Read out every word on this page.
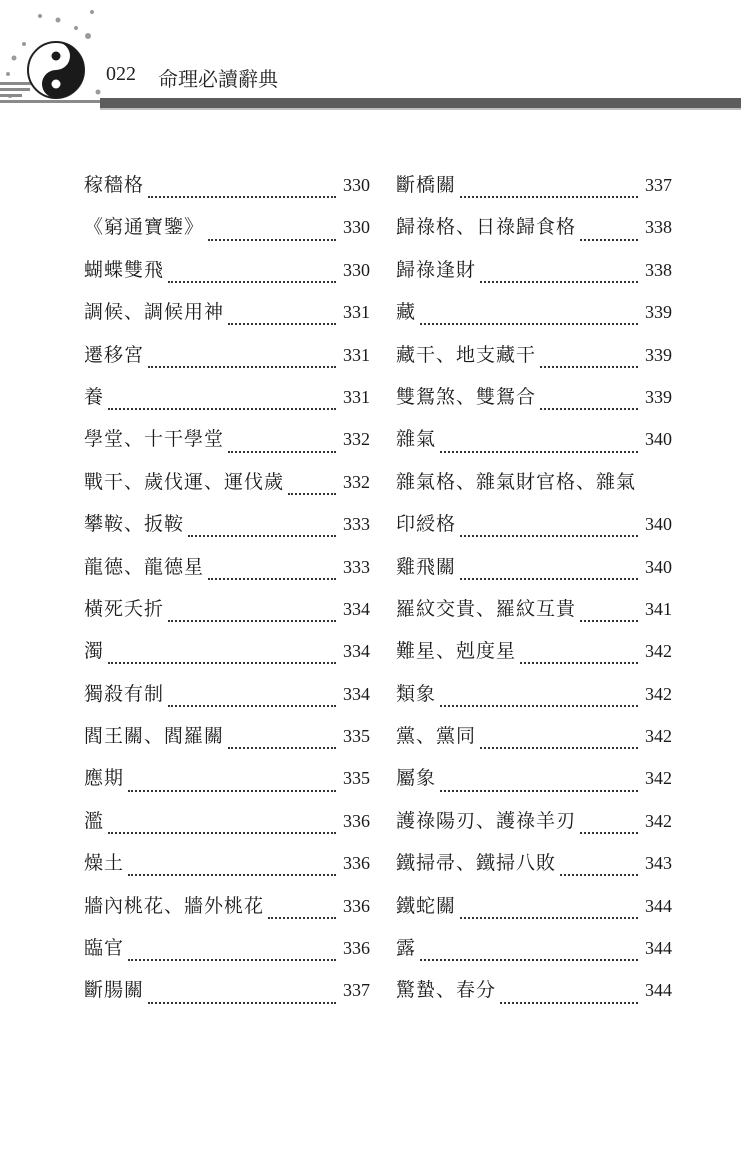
022 命理必讀辭典
稼穡格	330
《窮通寶鑒》	330
蝴蝶雙飛	330
調候、調候用神	331
遷移宮	331
養	331
學堂、十干學堂	332
戰干、歲伐運、運伐歲	332
攀鞍、扳鞍	333
龍德、龍德星	333
橫死夭折	334
濁	334
獨殺有制	334
閻王關、閻羅關	335
應期	335
濫	336
燥土	336
牆內桃花、牆外桃花	336
臨官	336
斷腸關	337
斷橋關	337
歸祿格、日祿歸食格	338
歸祿逢財	338
藏	339
藏干、地支藏干	339
雙鴛煞、雙鴛合	339
雜氣	340
雜氣格、雜氣財官格、雜氣
印綬格	340
雞飛關	340
羅紋交貴、羅紋互貴	341
難星、剋度星	342
類象	342
黨、黨同	342
屬象	342
護祿陽刃、護祿羊刃	342
鐵掃帚、鐵掃八敗	343
鐵蛇關	344
露	344
驚蟄、春分	344
